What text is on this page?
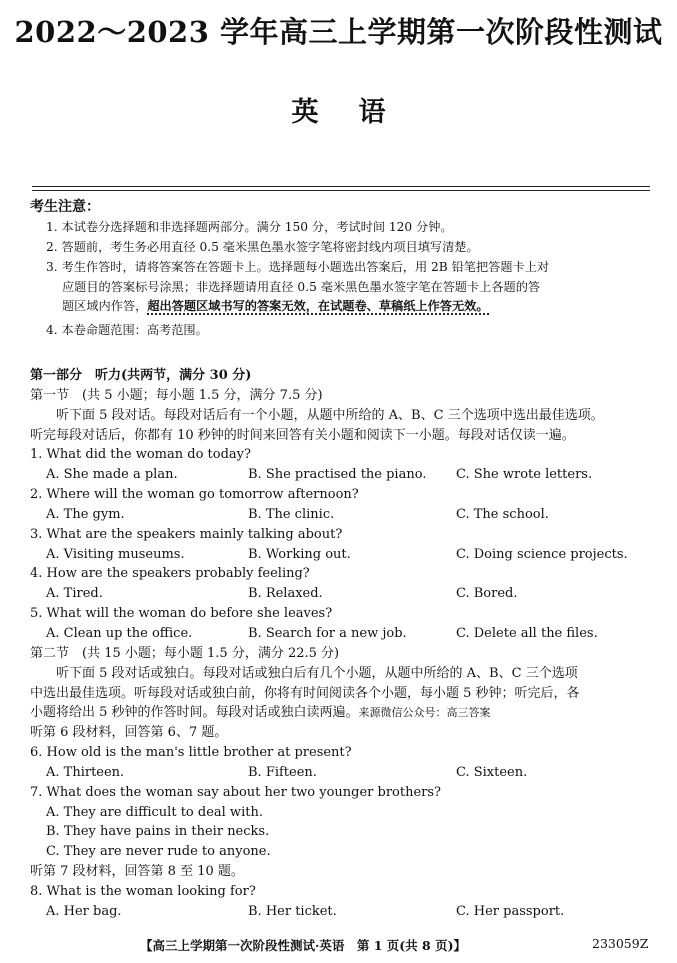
2022～2023 学年高三上学期第一次阶段性测试
英语
考生注意：
1. 本试卷分选择题和非选择题两部分。满分 150 分，考试时间 120 分钟。
2. 答题前，考生务必用直径 0.5 毫米黑色墨水签字笔将密封线内项目填写清楚。
3. 考生作答时，请将答案答在答题卡上。选择题每小题选出答案后，用 2B 铅笔把答题卡上对
应题目的答案标号涂黑；非选择题请用直径 0.5 毫米黑色墨水签字笔在答题卡上各题的答
题区域内作答，超出答题区域书写的答案无效，在试题卷、草稿纸上作答无效。
4. 本卷命题范围：高考范围。
第一部分　听力(共两节，满分 30 分)
第一节　(共 5 小题；每小题 1.5 分，满分 7.5 分)
听下面 5 段对话。每段对话后有一个小题，从题中所给的 A、B、C 三个选项中选出最佳选项。
听完每段对话后，你都有 10 秒钟的时间来回答有关小题和阅读下一小题。每段对话仅读一遍。
1. What did the woman do today?
A. She made a plan.	B. She practised the piano. C. She wrote letters.
2. Where will the woman go tomorrow afternoon?
A. The gym.	B. The clinic.	C. The school.
3. What are the speakers mainly talking about?
A. Visiting museums.	B. Working out.	C. Doing science projects.
4. How are the speakers probably feeling?
A. Tired.	B. Relaxed.	C. Bored.
5. What will the woman do before she leaves?
A. Clean up the office.	B. Search for a new job.	C. Delete all the files.
第二节　(共 15 小题；每小题 1.5 分，满分 22.5 分)
听下面 5 段对话或独白。每段对话或独白后有几个小题，从题中所给的 A、B、C 三个选项
中选出最佳选项。听每段对话或独白前，你将有时间阅读各个小题，每小题 5 秒钟；听完后，各
小题将给出 5 秒钟的作答时间。每段对话或独白读两遍。来源微信公众号：高三答案
听第 6 段材料，回答第 6、7 题。
6. How old is the man's little brother at present?
A. Thirteen.	B. Fifteen.	C. Sixteen.
7. What does the woman say about her two younger brothers?
A. They are difficult to deal with.
B. They have pains in their necks.
C. They are never rude to anyone.
听第 7 段材料，回答第 8 至 10 题。
8. What is the woman looking for?
A. Her bag.	B. Her ticket.	C. Her passport.
【高三上学期第一次阶段性测试·英语　第 1 页(共 8 页)】	233059Z
